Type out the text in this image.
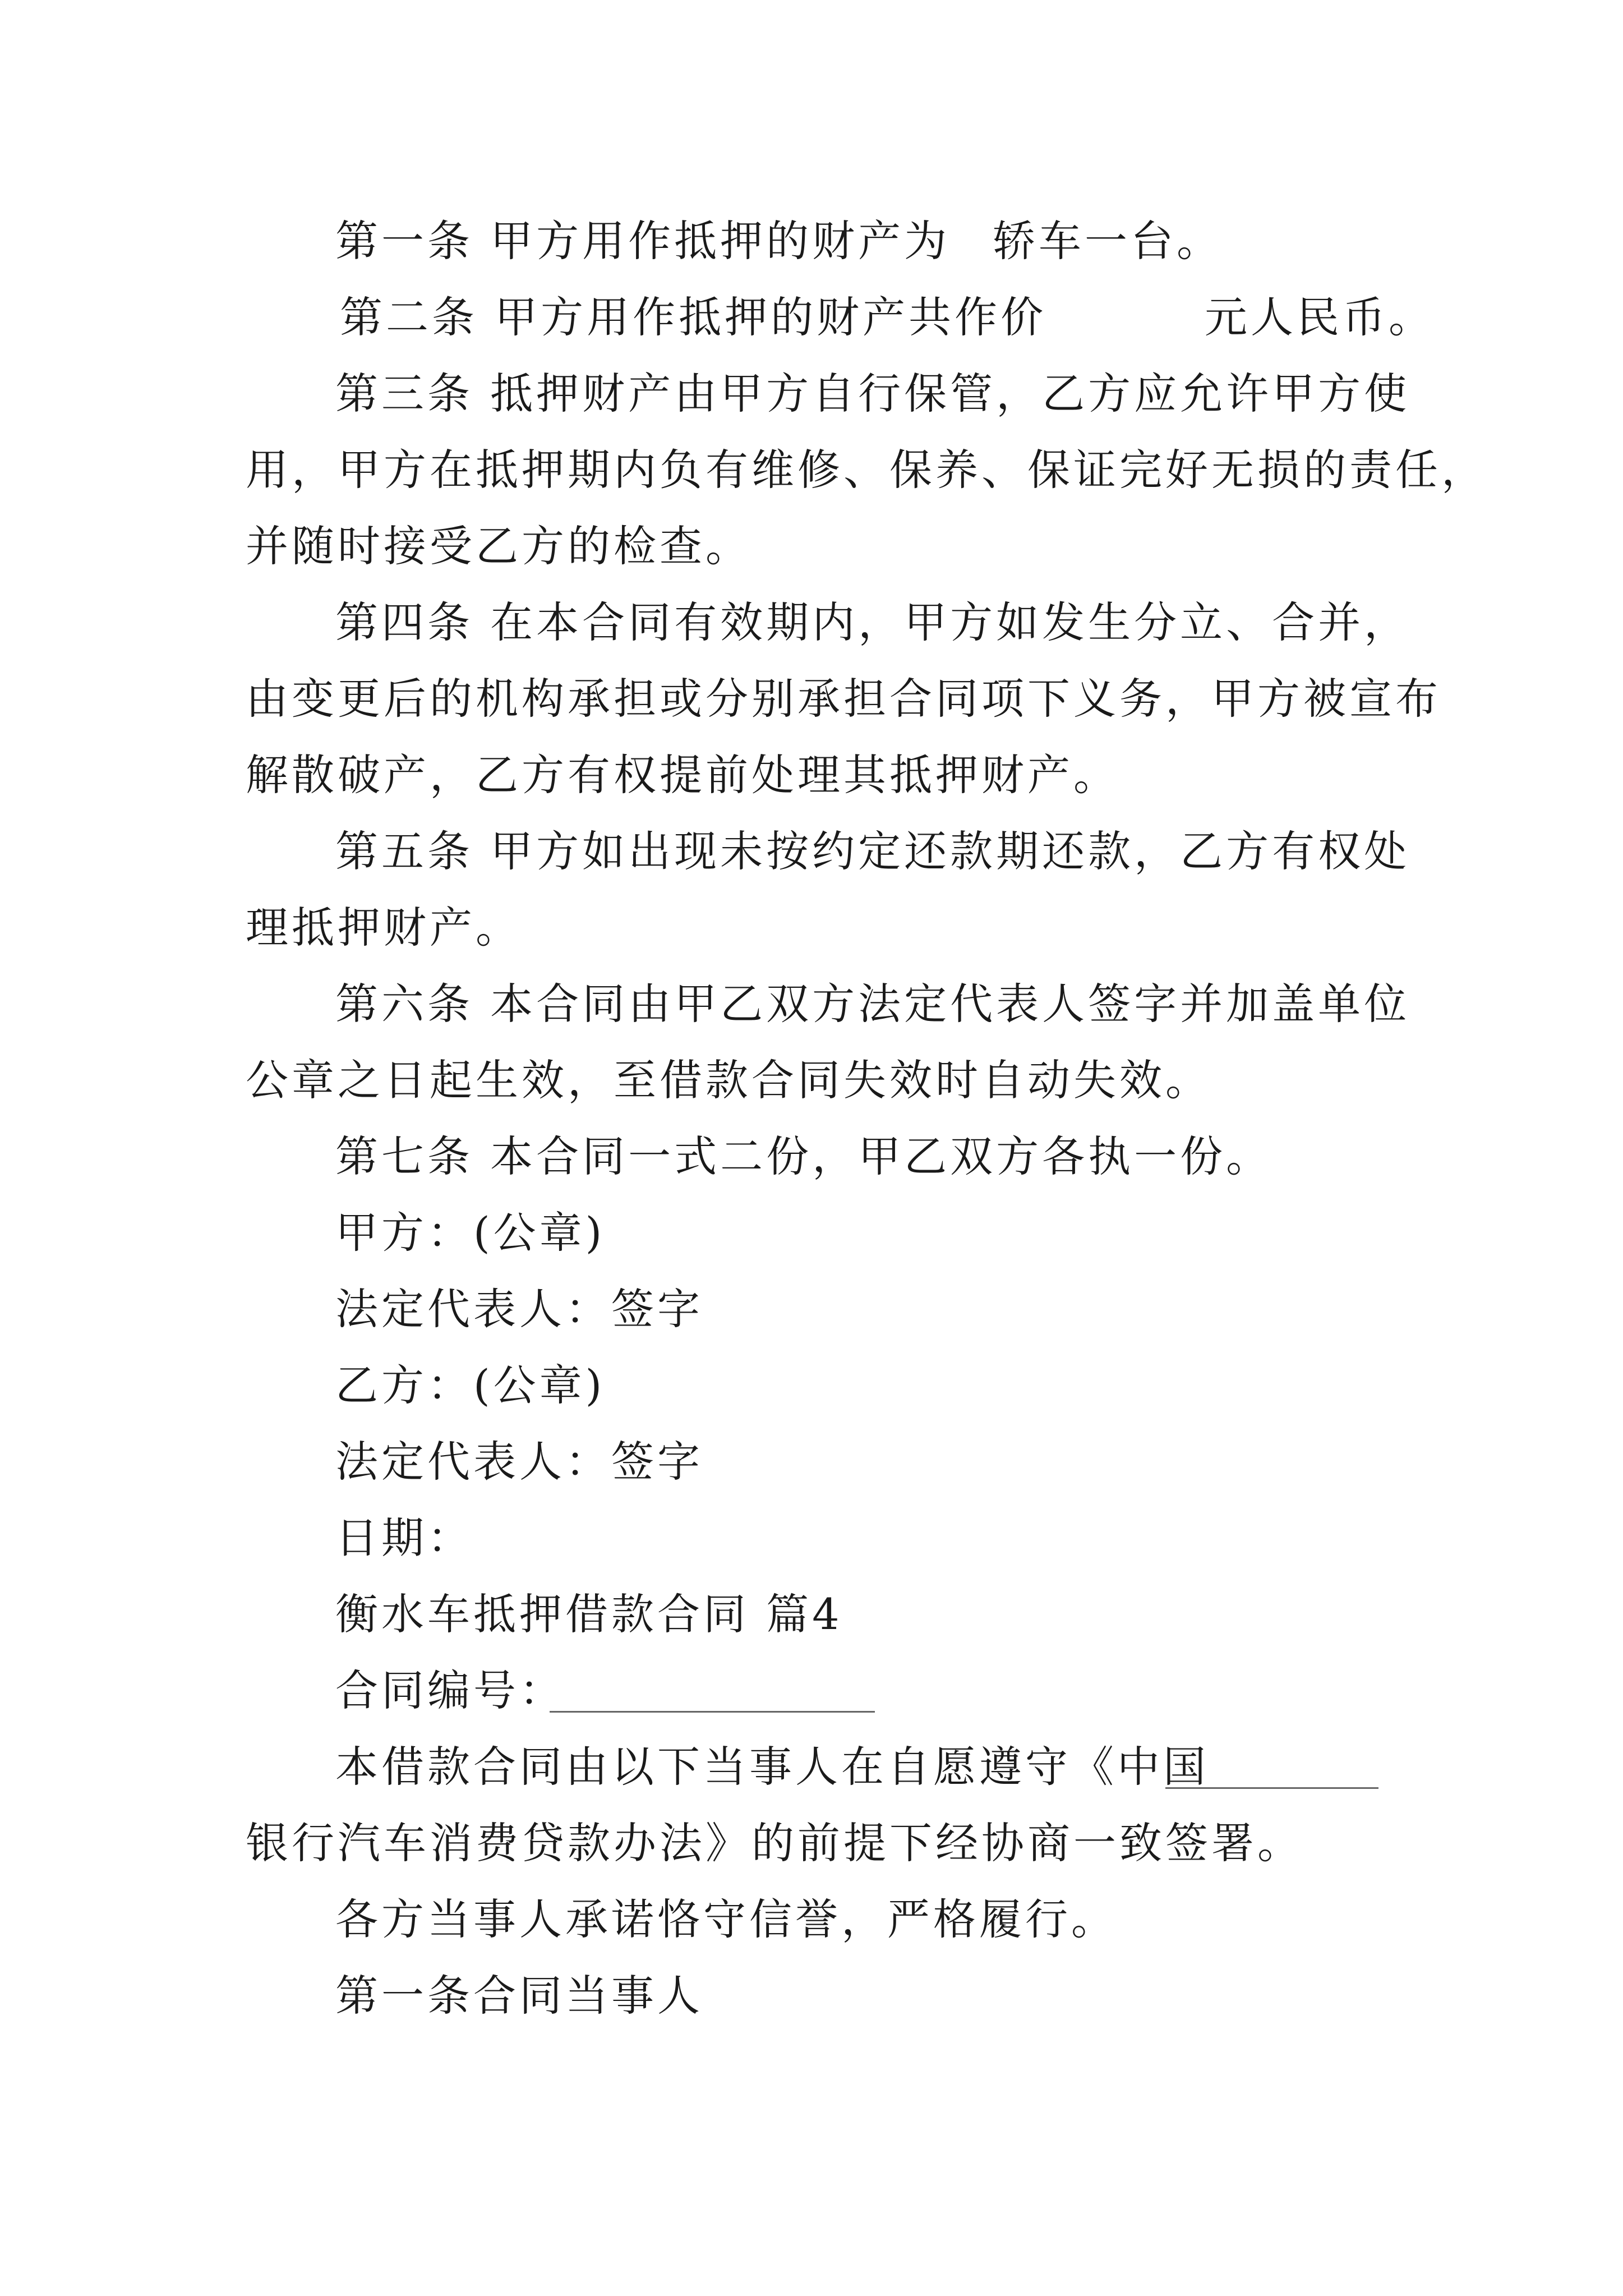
第一条 甲方用作抵押的财产为 轿车一台。
第二条 甲方用作抵押的财产共作价	元人民币。
第三条 抵押财产由甲方自行保管，乙方应允许甲方使
用，甲方在抵押期内负有维修、保养、保证完好无损的责任，
并随时接受乙方的检查。
第四条 在本合同有效期内，甲方如发生分立、合并，
由变更后的机构承担或分别承担合同项下义务，甲方被宣布
解散破产，乙方有权提前处理其抵押财产。
第五条 甲方如出现未按约定还款期还款，乙方有权处
理抵押财产。
第六条 本合同由甲乙双方法定代表人签字并加盖单位
公章之日起生效，至借款合同失效时自动失效。
第七条 本合同一式二份，甲乙双方各执一份。
甲方：(公章)
法定代表人：签字
乙方：(公章)
法定代表人：签字
日期：
衡水车抵押借款合同 篇4
合同编号：
本借款合同由以下当事人在自愿遵守《中国
银行汽车消费贷款办法》的前提下经协商一致签署。
各方当事人承诺恪守信誉，严格履行。
第一条合同当事人
